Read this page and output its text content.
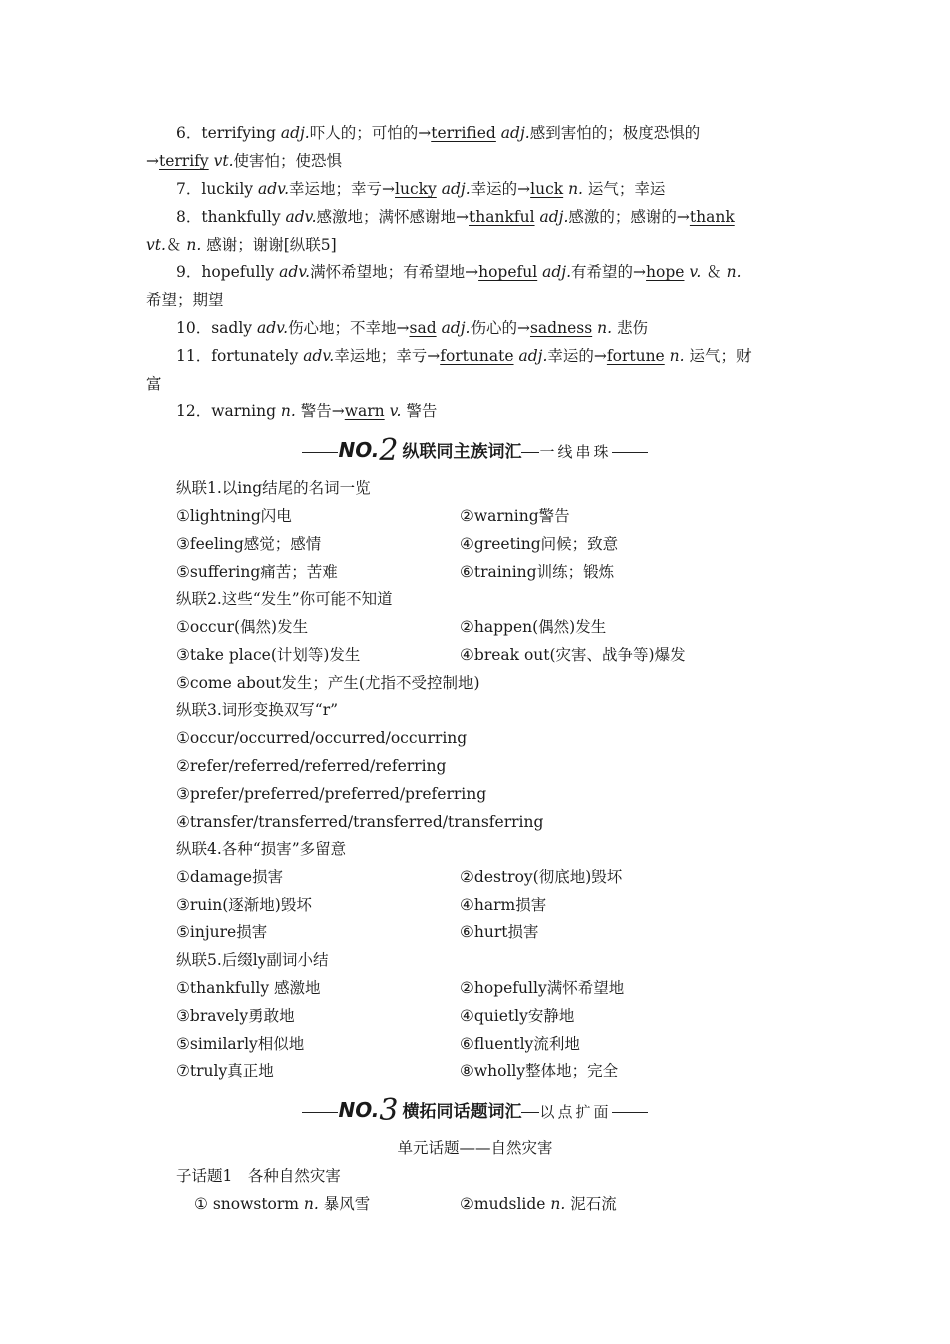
6．terrifying adj.吓人的；可怕的→terrified adj.感到害怕的；极度恐惧的
→terrify vt.使害怕；使恐惧
7．luckily adv.幸运地；幸亏→lucky adj.幸运的→luck n. 运气；幸运
8．thankfully adv.感激地；满怀感谢地→thankful adj.感激的；感谢的→thank
vt.＆ n. 感谢；谢谢[纵联5]
9．hopefully adv.满怀希望地；有希望地→hopeful adj.有希望的→hope v. ＆ n.
希望；期望
10．sadly adv.伤心地；不幸地→sad adj.伤心的→sadness n. 悲伤
11．fortunately adv.幸运地；幸亏→fortunate adj.幸运的→fortune n. 运气；财
富
12．warning n. 警告→warn v. 警告
NO.2 纵联同主族词汇 一线串珠
纵联1.以ing结尾的名词一览
①lightning闪电	②warning警告
③feeling感觉；感情	④greeting问候；致意
⑤suffering痛苦；苦难	⑥training训练；锻炼
纵联2.这些“发生”你可能不知道
①occur(偶然)发生	②happen(偶然)发生
③take place(计划等)发生	④break out(灾害、战争等)爆发
⑤come about发生；产生(尤指不受控制地)
纵联3.词形变换双写“r”
①occur/occurred/occurred/occurring
②refer/referred/referred/referring
③prefer/preferred/preferred/preferring
④transfer/transferred/transferred/transferring
纵联4.各种“损害”多留意
①damage损害	②destroy(彻底地)毁坏
③ruin(逐渐地)毁坏	④harm损害
⑤injure损害	⑥hurt损害
纵联5.后缀ly副词小结
①thankfully 感激地	②hopefully满怀希望地
③bravely勇敢地	④quietly安静地
⑤similarly相似地	⑥fluently流利地
⑦truly真正地	⑧wholly整体地；完全
NO.3 横拓同话题词汇 以点扩面
单元话题——自然灾害
子话题1　各种自然灾害
① snowstorm n. 暴风雪	②mudslide n. 泥石流
